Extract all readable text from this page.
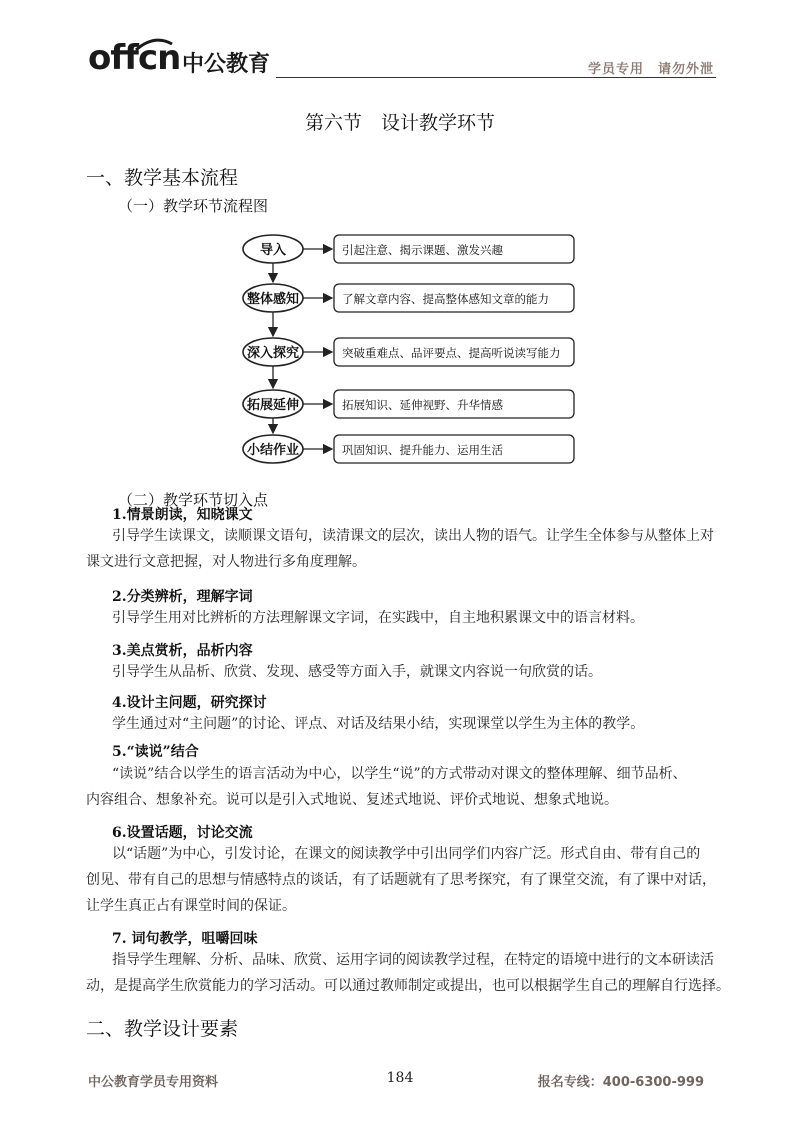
offcn 中公教育	学员专用　请勿外泄
第六节　设计教学环节
一、教学基本流程
（一）教学环节流程图
导入	引起注意、揭示课题、激发兴趣
整体感知	了解文章内容、提高整体感知文章的能力
深入探究	突破重难点、品评要点、提高听说读写能力
拓展延伸	拓展知识、延伸视野、升华情感
小结作业	巩固知识、提升能力、运用生活
（二）教学环节切入点
1.情景朗读，知晓课文
引导学生读课文，读顺课文语句，读清课文的层次，读出人物的语气。让学生全体参与从整体上对
课文进行文意把握，对人物进行多角度理解。
2.分类辨析，理解字词
引导学生用对比辨析的方法理解课文字词，在实践中，自主地积累课文中的语言材料。
3.美点赏析，品析内容
引导学生从品析、欣赏、发现、感受等方面入手，就课文内容说一句欣赏的话。
4.设计主问题，研究探讨
学生通过对“主问题”的讨论、评点、对话及结果小结，实现课堂以学生为主体的教学。
5.“读说”结合
“读说”结合以学生的语言活动为中心，以学生“说”的方式带动对课文的整体理解、细节品析、
内容组合、想象补充。说可以是引入式地说、复述式地说、评价式地说、想象式地说。
6.设置话题，讨论交流
以“话题”为中心，引发讨论，在课文的阅读教学中引出同学们内容广泛。形式自由、带有自己的
创见、带有自己的思想与情感特点的谈话，有了话题就有了思考探究，有了课堂交流，有了课中对话，
让学生真正占有课堂时间的保证。
7. 词句教学，咀嚼回味
指导学生理解、分析、品味、欣赏、运用字词的阅读教学过程，在特定的语境中进行的文本研读活
动，是提高学生欣赏能力的学习活动。可以通过教师制定或提出，也可以根据学生自己的理解自行选择。
二、教学设计要素
中公教育学员专用资料	184	报名专线：400-6300-999
